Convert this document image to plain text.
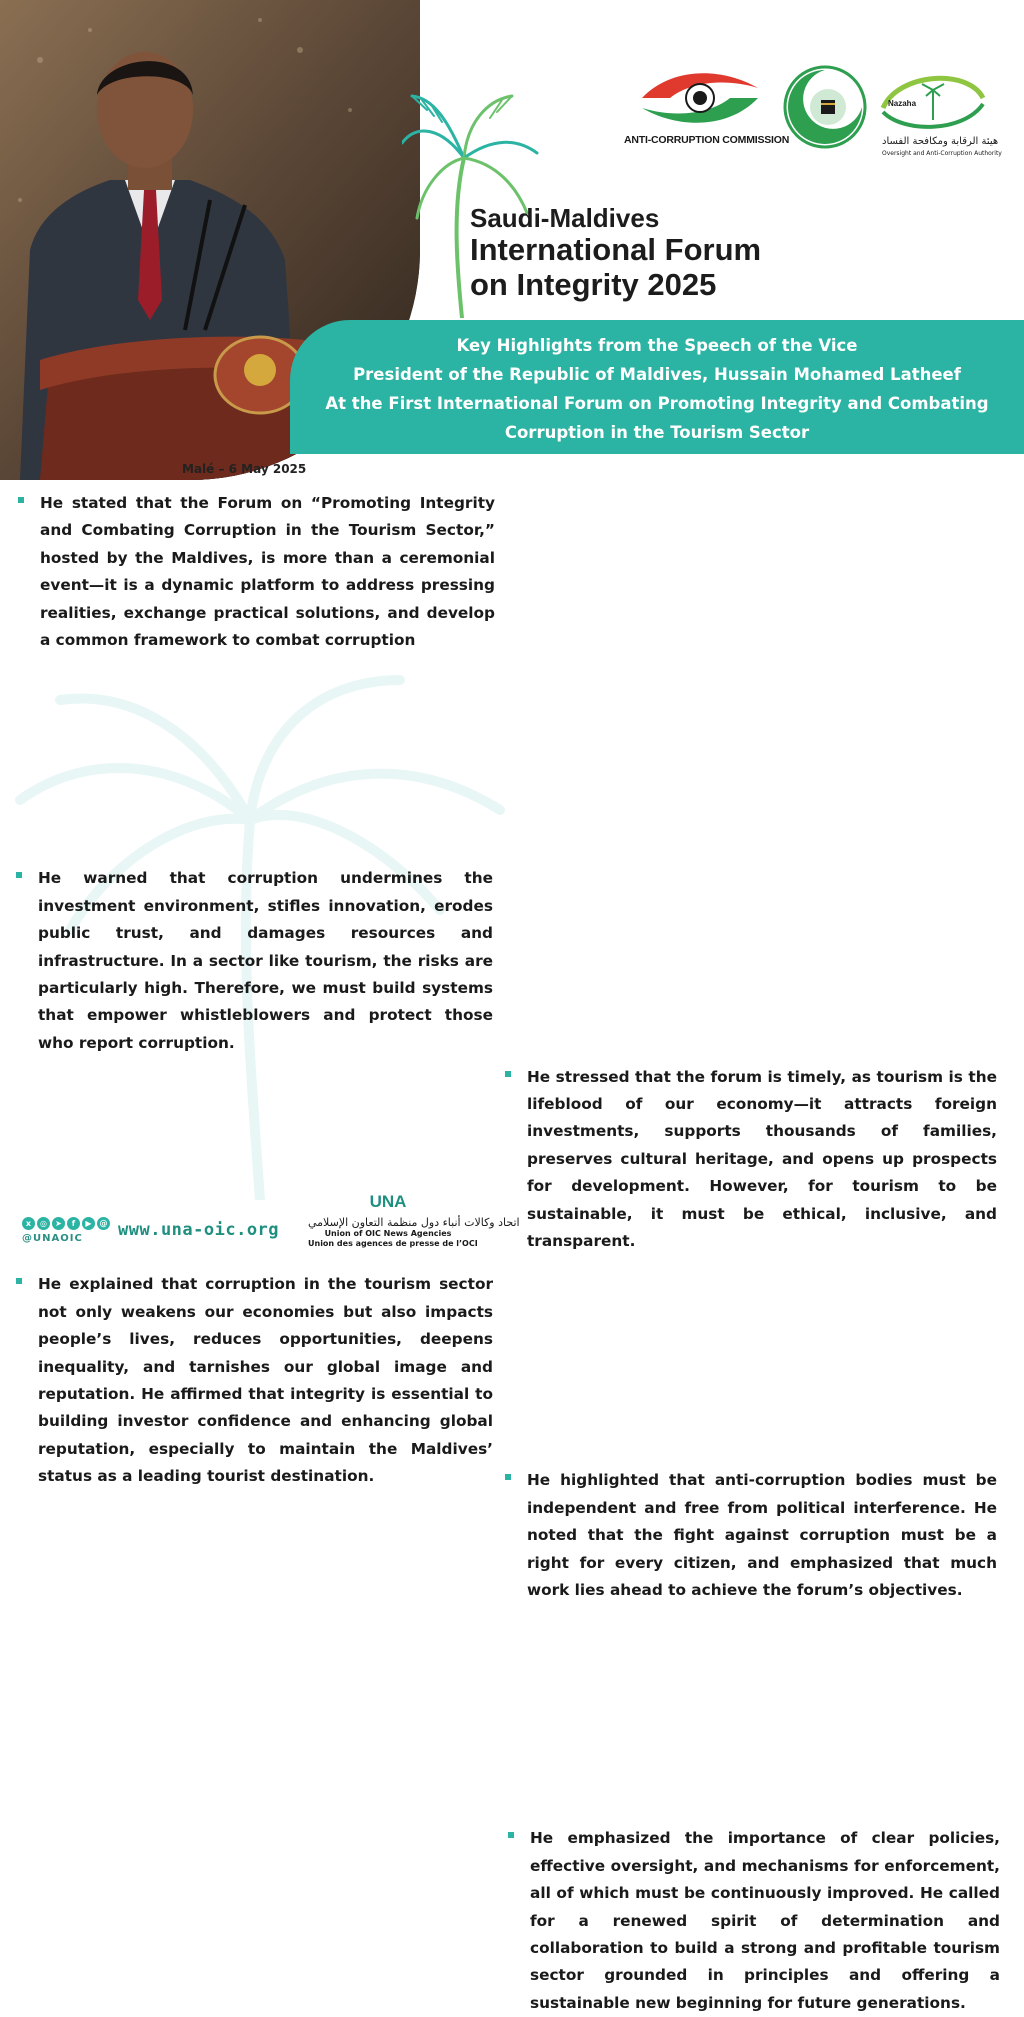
ANTI-CORRUPTION COMMISSION
Nazaha
هيئة الرقابة ومكافحة الفساد
Oversight and Anti-Corruption Authority
Saudi-Maldives
International Forum
on Integrity 2025
Key Highlights from the Speech of the Vice
President of the Republic of Maldives, Hussain Mohamed Latheef
At the First International Forum on Promoting Integrity and Combating
Corruption in the Tourism Sector
Malé – 6 May 2025

He stated that the Forum on “Promoting Integrity and Combating Corruption in the Tourism Sector,” hosted by the Maldives, is more than a ceremonial event—it is a dynamic platform to address pressing realities, exchange practical solutions, and develop a common framework to combat corruption

He warned that corruption undermines the investment environment, stifles innovation, erodes public trust, and damages resources and infrastructure. In a sector like tourism, the risks are particularly high. Therefore, we must build systems that empower whistleblowers and protect those who report corruption.

He explained that corruption in the tourism sector not only weakens our economies but also impacts people’s lives, reduces opportunities, deepens inequality, and tarnishes our global image and reputation. He affirmed that integrity is essential to building investor confidence and enhancing global reputation, especially to maintain the Maldives’ status as a leading tourist destination.

He stressed that the forum is timely, as tourism is the lifeblood of our economy—it attracts foreign investments, supports thousands of families, preserves cultural heritage, and opens up prospects for development. However, for tourism to be sustainable, it must be ethical, inclusive, and transparent.

He highlighted that anti-corruption bodies must be independent and free from political interference. He noted that the fight against corruption must be a right for every citizen, and emphasized that much work lies ahead to achieve the forum’s objectives.

He emphasized the importance of clear policies, effective oversight, and mechanisms for enforcement, all of which must be continuously improved. He called for a renewed spirit of determination and collaboration to build a strong and profitable tourism sector grounded in principles and offering a sustainable new beginning for future generations.

x	◎	➤	f	▶ @
@UNAOIC	www.una-oic.org
UNA
اتحاد وكالات أنباء دول منظمة التعاون الإسلامي
Union of OIC News Agencies
Union des agences de presse de l’OCI
